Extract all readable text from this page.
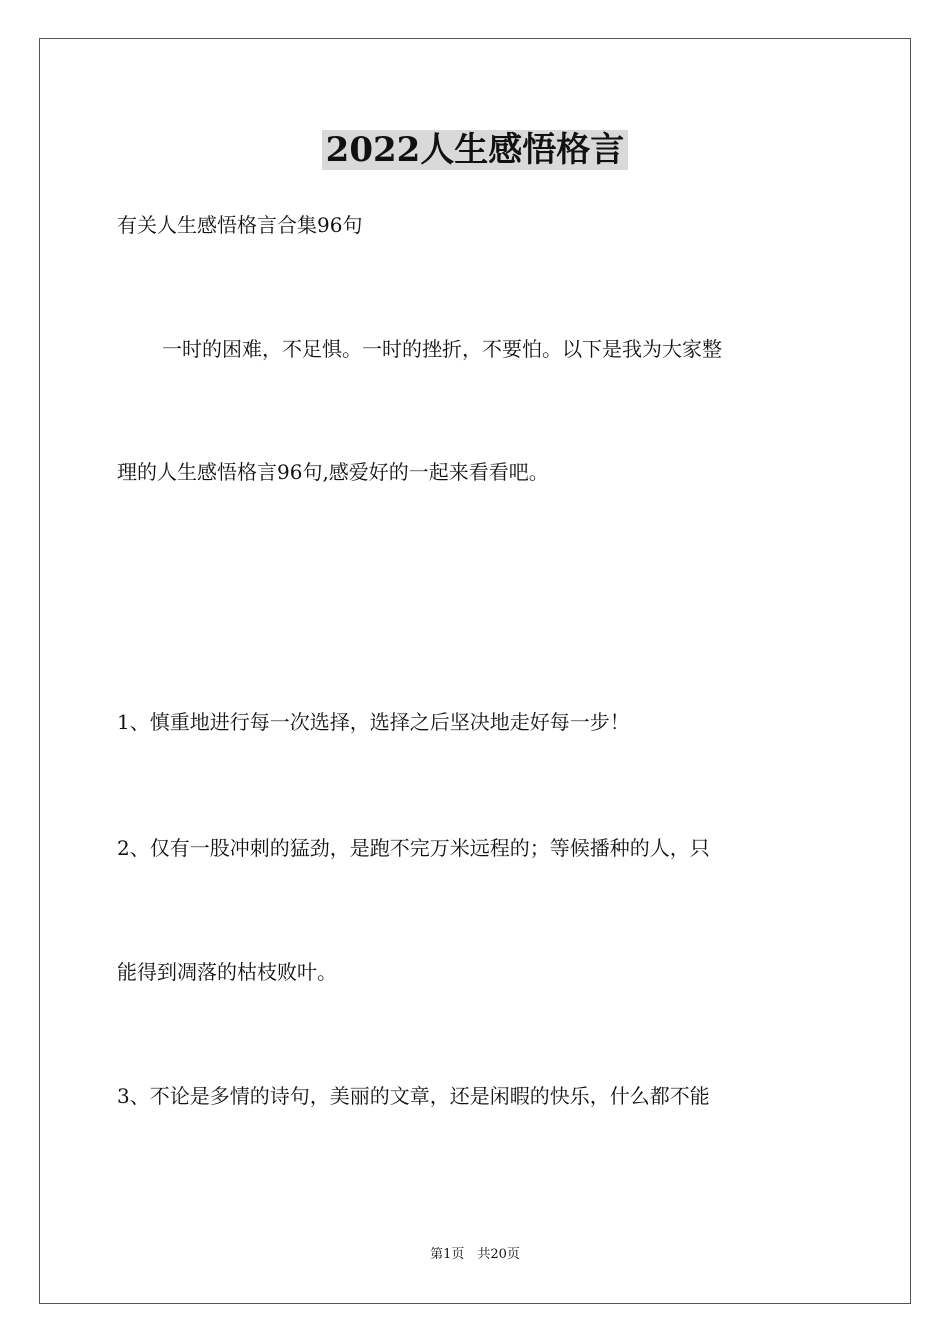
2022人生感悟格言
有关人生感悟格言合集96句
一时的困难，不足惧。一时的挫折，不要怕。以下是我为大家整
理的人生感悟格言96句,感爱好的一起来看看吧。
1、慎重地进行每一次选择，选择之后坚决地走好每一步！
2、仅有一股冲刺的猛劲，是跑不完万米远程的；等候播种的人，只
能得到凋落的枯枝败叶。
3、不论是多情的诗句，美丽的文章，还是闲暇的快乐，什么都不能
第1页　共20页
